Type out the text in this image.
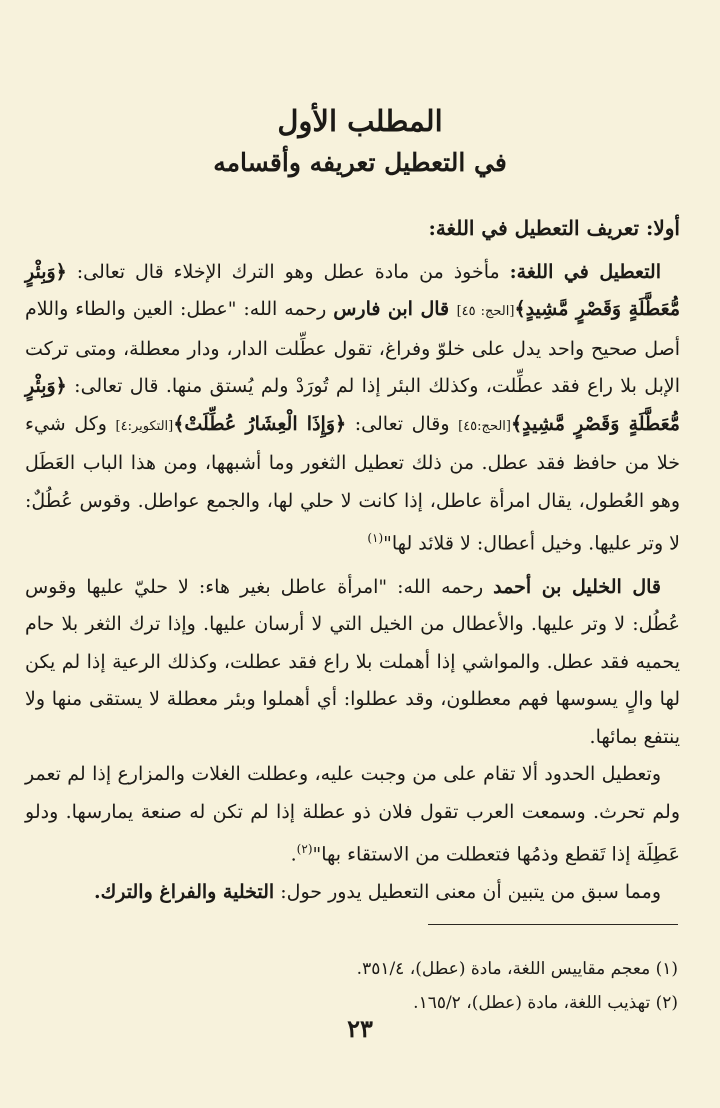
المطلب الأول
في التعطيل تعريفه وأقسامه

أولا: تعريف التعطيل في اللغة:

 التعطيل في اللغة: مأخوذ من مادة عطل وهو الترك الإخلاء قال تعالى: ﴿وَبِئْرٍ مُّعَطَّلَةٍ وَقَصْرٍ مَّشِيدٍ﴾[الحج: ٤٥] قال ابن فارس رحمه الله: "عطل: العين والطاء واللام أصل صحيح واحد يدل على خلوّ وفراغ، تقول عطِّلت الدار، ودار معطلة، ومتى تركت الإبل بلا راع فقد عطِّلت، وكذلك البئر إذا لم تُورَدْ ولم يُستق منها. قال تعالى: ﴿وَبِئْرٍ مُّعَطَّلَةٍ وَقَصْرٍ مَّشِيدٍ﴾[الحج:٤٥] وقال تعالى: ﴿وَإِذَا الْعِشَارُ عُطِّلَتْ﴾[التكوير:٤] وكل شيء خلا من حافظ فقد عطل. من ذلك تعطيل الثغور وما أشبهها، ومن هذا الباب العَطَل وهو العُطول، يقال امرأة عاطل، إذا كانت لا حلي لها، والجمع عواطل. وقوس عُطُلٌ: لا وتر عليها. وخيل أعطال: لا قلائد لها"$^{(١)}$

 قال الخليل بن أحمد رحمه الله: "امرأة عاطل بغير هاء: لا حليّ عليها وقوس عُطُل: لا وتر عليها. والأعطال من الخيل التي لا أرسان عليها. وإذا ترك الثغر بلا حام يحميه فقد عطل. والمواشي إذا أهملت بلا راع فقد عطلت، وكذلك الرعية إذا لم يكن لها والٍ يسوسها فهم معطلون، وقد عطلوا: أي أهملوا وبئر معطلة لا يستقى منها ولا ينتفع بمائها.

 وتعطيل الحدود ألا تقام على من وجبت عليه، وعطلت الغلات والمزارع إذا لم تعمر ولم تحرث. وسمعت العرب تقول فلان ذو عطلة إذا لم تكن له صنعة يمارسها. ودلو عَطِلَة إذا تَقطع وذمُها فتعطلت من الاستقاء بها"$^{(٢)}$.

 ومما سبق من يتبين أن معنى التعطيل يدور حول: التخلية والفراغ والترك.

(١) معجم مقاييس اللغة، مادة (عطل)، ٣٥١/٤.

(٢) تهذيب اللغة، مادة (عطل)، ١٦٥/٢.

٢٣
